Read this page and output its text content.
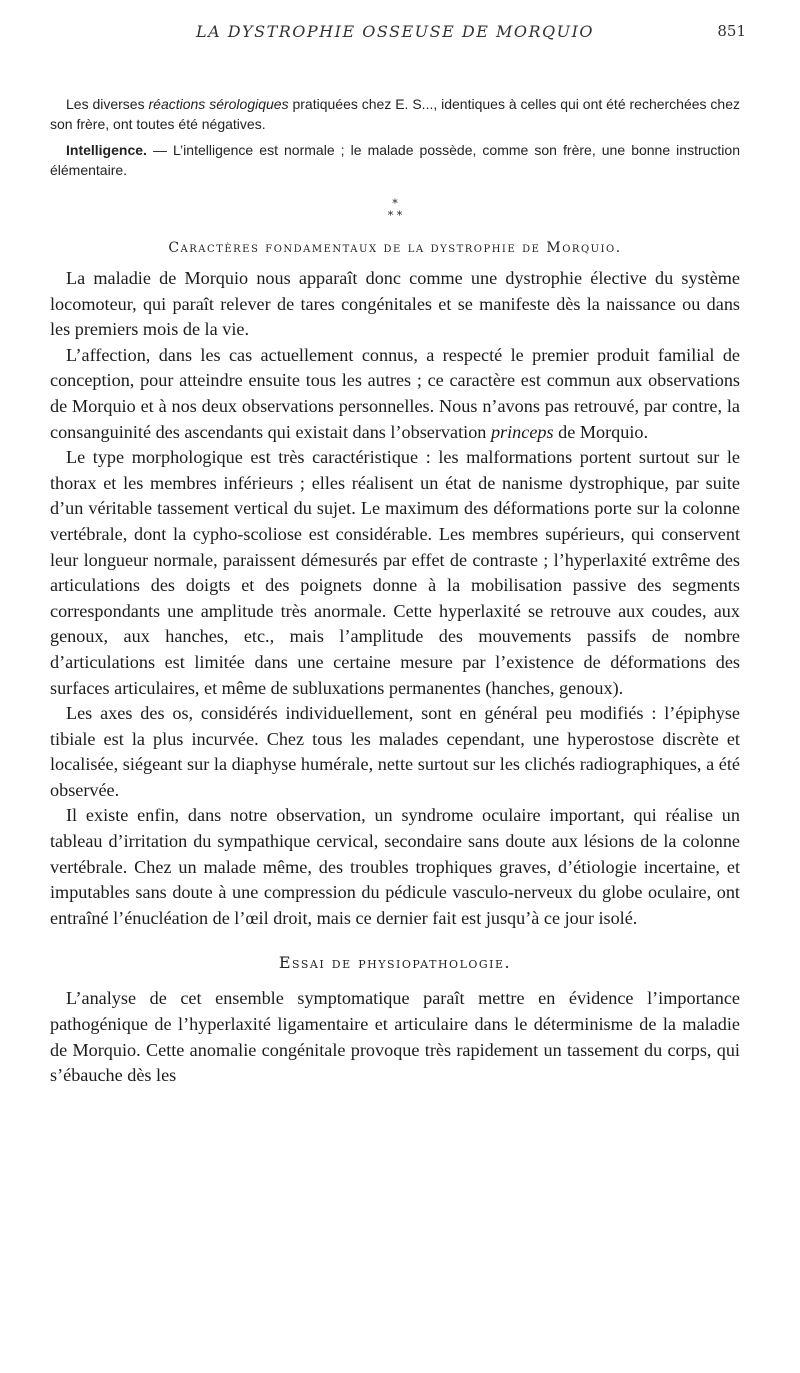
LA DYSTROPHIE OSSEUSE DE MORQUIO	851

Les diverses réactions sérologiques pratiquées chez E. S..., identiques à celles qui ont été recherchées chez son frère, ont toutes été négatives.

Intelligence. — L’intelligence est normale ; le malade possède, comme son frère, une bonne instruction élémentaire.

*
* *
Caractères fondamentaux de la dystrophie de Morquio.

La maladie de Morquio nous apparaît donc comme une dystrophie élective du système locomoteur, qui paraît relever de tares congénitales et se manifeste dès la naissance ou dans les premiers mois de la vie.

L’affection, dans les cas actuellement connus, a respecté le premier produit familial de conception, pour atteindre ensuite tous les autres ; ce caractère est commun aux observations de Morquio et à nos deux observations personnelles. Nous n’avons pas retrouvé, par contre, la consanguinité des ascendants qui existait dans l’observation princeps de Morquio.

Le type morphologique est très caractéristique : les malformations portent surtout sur le thorax et les membres inférieurs ; elles réalisent un état de nanisme dystrophique, par suite d’un véritable tassement vertical du sujet. Le maximum des déformations porte sur la colonne vertébrale, dont la cypho-scoliose est considérable. Les membres supérieurs, qui conservent leur longueur normale, paraissent démesurés par effet de contraste ; l’hyperlaxité extrême des articulations des doigts et des poignets donne à la mobilisation passive des segments correspondants une amplitude très anormale. Cette hyperlaxité se retrouve aux coudes, aux genoux, aux hanches, etc., mais l’amplitude des mouvements passifs de nombre d’articulations est limitée dans une certaine mesure par l’existence de déformations des surfaces articulaires, et même de subluxations permanentes (hanches, genoux).

Les axes des os, considérés individuellement, sont en général peu modifiés : l’épiphyse tibiale est la plus incurvée. Chez tous les malades cependant, une hyperostose discrète et localisée, siégeant sur la diaphyse humérale, nette surtout sur les clichés radiographiques, a été observée.

Il existe enfin, dans notre observation, un syndrome oculaire important, qui réalise un tableau d’irritation du sympathique cervical, secondaire sans doute aux lésions de la colonne vertébrale. Chez un malade même, des troubles trophiques graves, d’étiologie incertaine, et imputables sans doute à une compression du pédicule vasculo-nerveux du globe oculaire, ont entraîné l’énucléation de l’œil droit, mais ce dernier fait est jusqu’à ce jour isolé.

Essai de physiopathologie.

L’analyse de cet ensemble symptomatique paraît mettre en évidence l’importance pathogénique de l’hyperlaxité ligamentaire et articulaire dans le déterminisme de la maladie de Morquio. Cette anomalie congénitale provoque très rapidement un tassement du corps, qui s’ébauche dès les
